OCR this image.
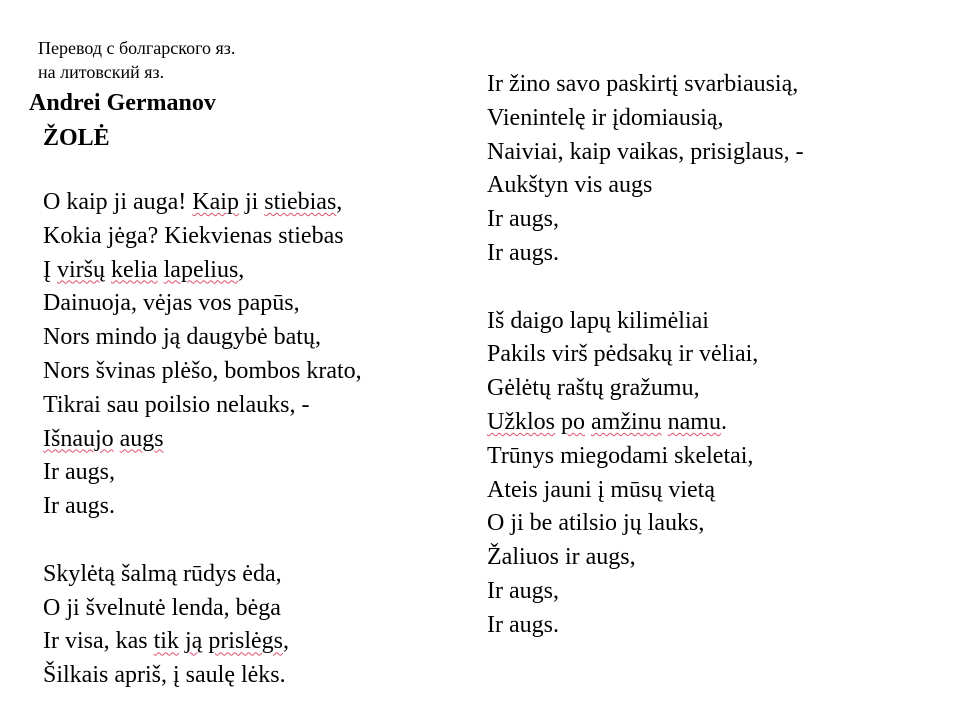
Перевод с болгарского яз.
на литовский яз.
Andrei Germanov
ŽOLĖ
O kaip ji auga! Kaip ji stiebias,
Kokia jėga? Kiekvienas stiebas
Į viršų kelia lapelius,
Dainuoja, vėjas vos papūs,
Nors mindo ją daugybė batų,
Nors švinas plėšo, bombos krato,
Tikrai sau poilsio nelauks, -
Išnaujo augs
Ir augs,
Ir augs.
Skylėtą šalmą rūdys ėda,
O ji švelnutė lenda, bėga
Ir visa, kas tik ją prislėgs,
Šilkais apriš, į saulę lėks.
Ir žino savo paskirtį svarbiausią,
Vienintelę ir įdomiausią,
Naiviai, kaip vaikas, prisiglaus, -
Aukštyn vis augs
Ir augs,
Ir augs.
Iš daigo lapų kilimėliai
Pakils virš pėdsakų ir vėliai,
Gėlėtų raštų gražumu,
Užklos po amžinu namu.
Trūnys miegodami skeletai,
Ateis jauni į mūsų vietą
O ji be atilsio jų lauks,
Žaliuos ir augs,
Ir augs,
Ir augs.
